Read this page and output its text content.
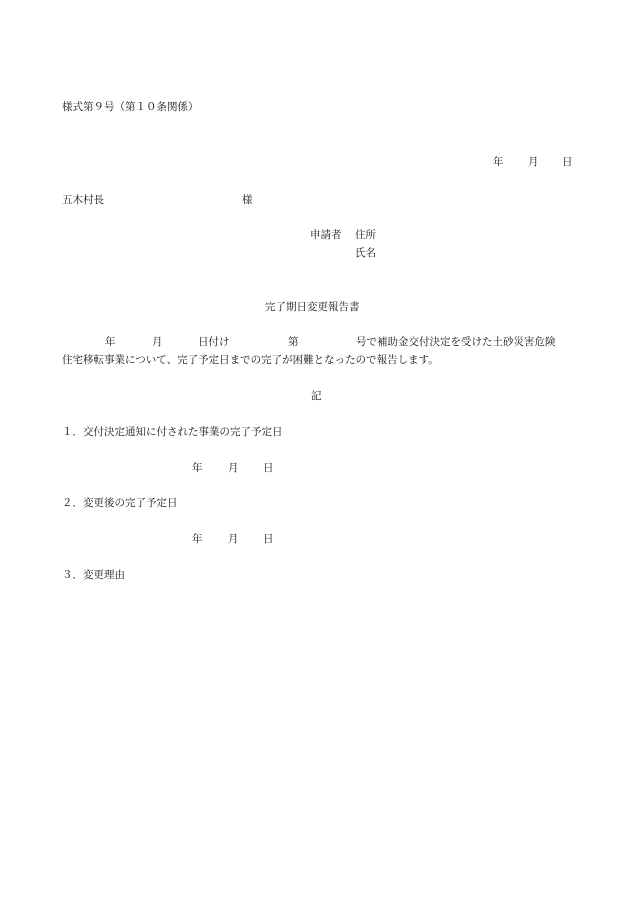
様式第９号（第１０条関係）
年 月 日
五木村長	様
申請者 住所
氏名
完了期日変更報告書
年	月	日付け	第	号で補助金交付決定を受けた土砂災害危険
住宅移転事業について、完了予定日までの完了が困難となったので報告します。
記
１．交付決定通知に付された事業の完了予定日
年 月 日
２．変更後の完了予定日
年 月 日
３．変更理由
